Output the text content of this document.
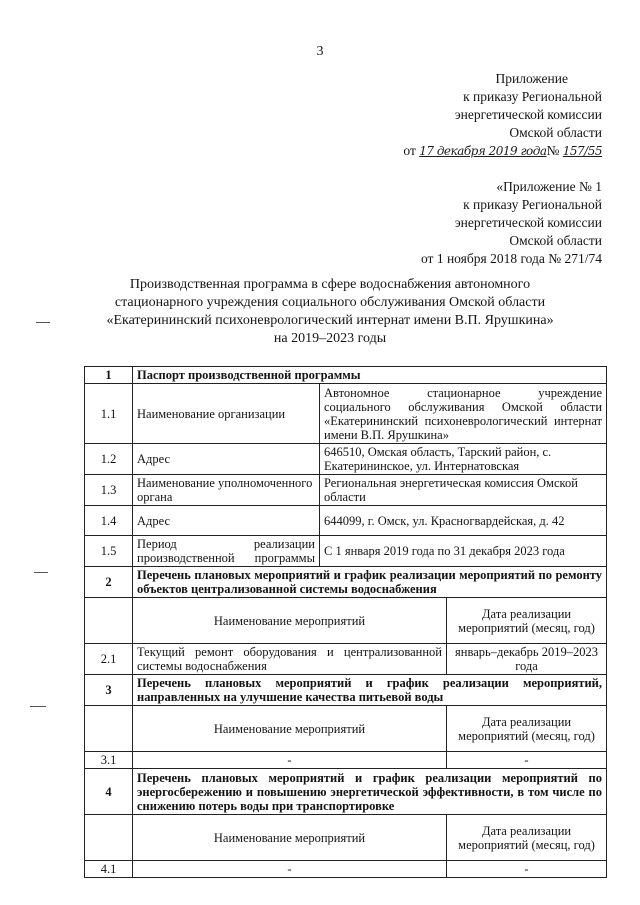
3
Приложение
к приказу Региональной
энергетической комиссии
Омской области
от 17 декабря 2019 года№ 157/55
«Приложение № 1
к приказу Региональной
энергетической комиссии
Омской области
от 1 ноября 2018 года № 271/74
Производственная программа в сфере водоснабжения автономного
стационарного учреждения социального обслуживания Омской области
«Екатерининский психоневрологический интернат имени В.П. Ярушкина»
на 2019–2023 годы
1	Паспорт производственной программы		
1.1	Наименование организации	Автономное стационарное учреждение социального обслуживания Омской области «Екатерининский психоневрологический интернат имени В.П. Ярушкина»	
1.2	Адрес	646510, Омская область, Тарский район, с. Екатерининское, ул. Интернатовская	
1.3	Наименование уполномоченного органа	Региональная энергетическая комиссия Омской области	
1.4	Адрес	644099, г. Омск, ул. Красногвардейская, д. 42	
1.5	Период реализации производственной программы	С 1 января 2019 года по 31 декабря 2023 года	
2	Перечень плановых мероприятий и график реализации мероприятий по ремонту объектов централизованной системы водоснабжения		
	Наименование мероприятий		Дата реализации мероприятий (месяц, год)
2.1	Текущий ремонт оборудования и централизованной системы водоснабжения		январь–декабрь 2019–2023 года
3	Перечень плановых мероприятий и график реализации мероприятий, направленных на улучшение качества питьевой воды		
	Наименование мероприятий		Дата реализации мероприятий (месяц, год)
3.1	-		-
4	Перечень плановых мероприятий и график реализации мероприятий по энергосбережению и повышению энергетической эффективности, в том числе по снижению потерь воды при транспортировке		
	Наименование мероприятий		Дата реализации мероприятий (месяц, год)
4.1	-		-
